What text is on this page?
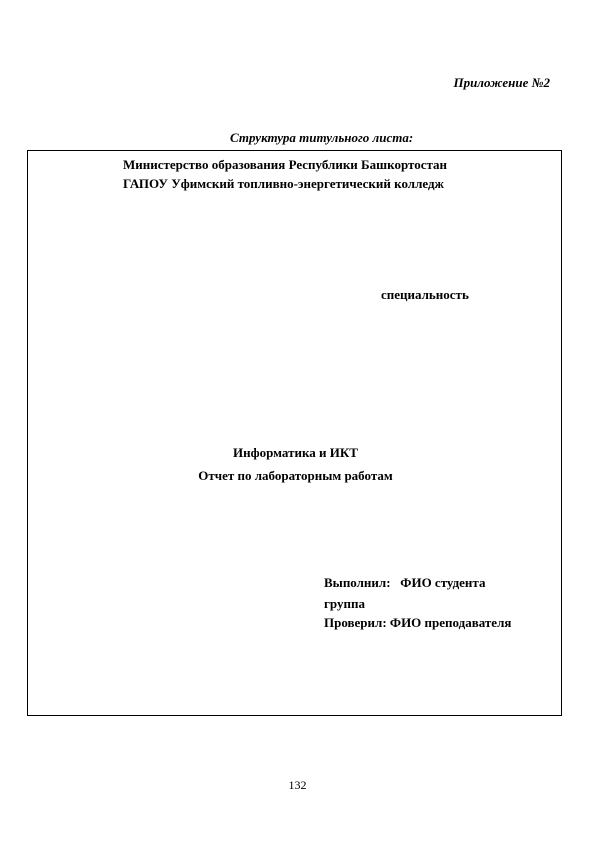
Приложение №2
Структура титульного листа:
Министерство образования Республики Башкортостан
ГАПОУ Уфимский топливно-энергетический колледж
специальность
Информатика и ИКТ
Отчет по лабораторным работам
Выполнил:   ФИО студента
группа
Проверил: ФИО преподавателя
132
